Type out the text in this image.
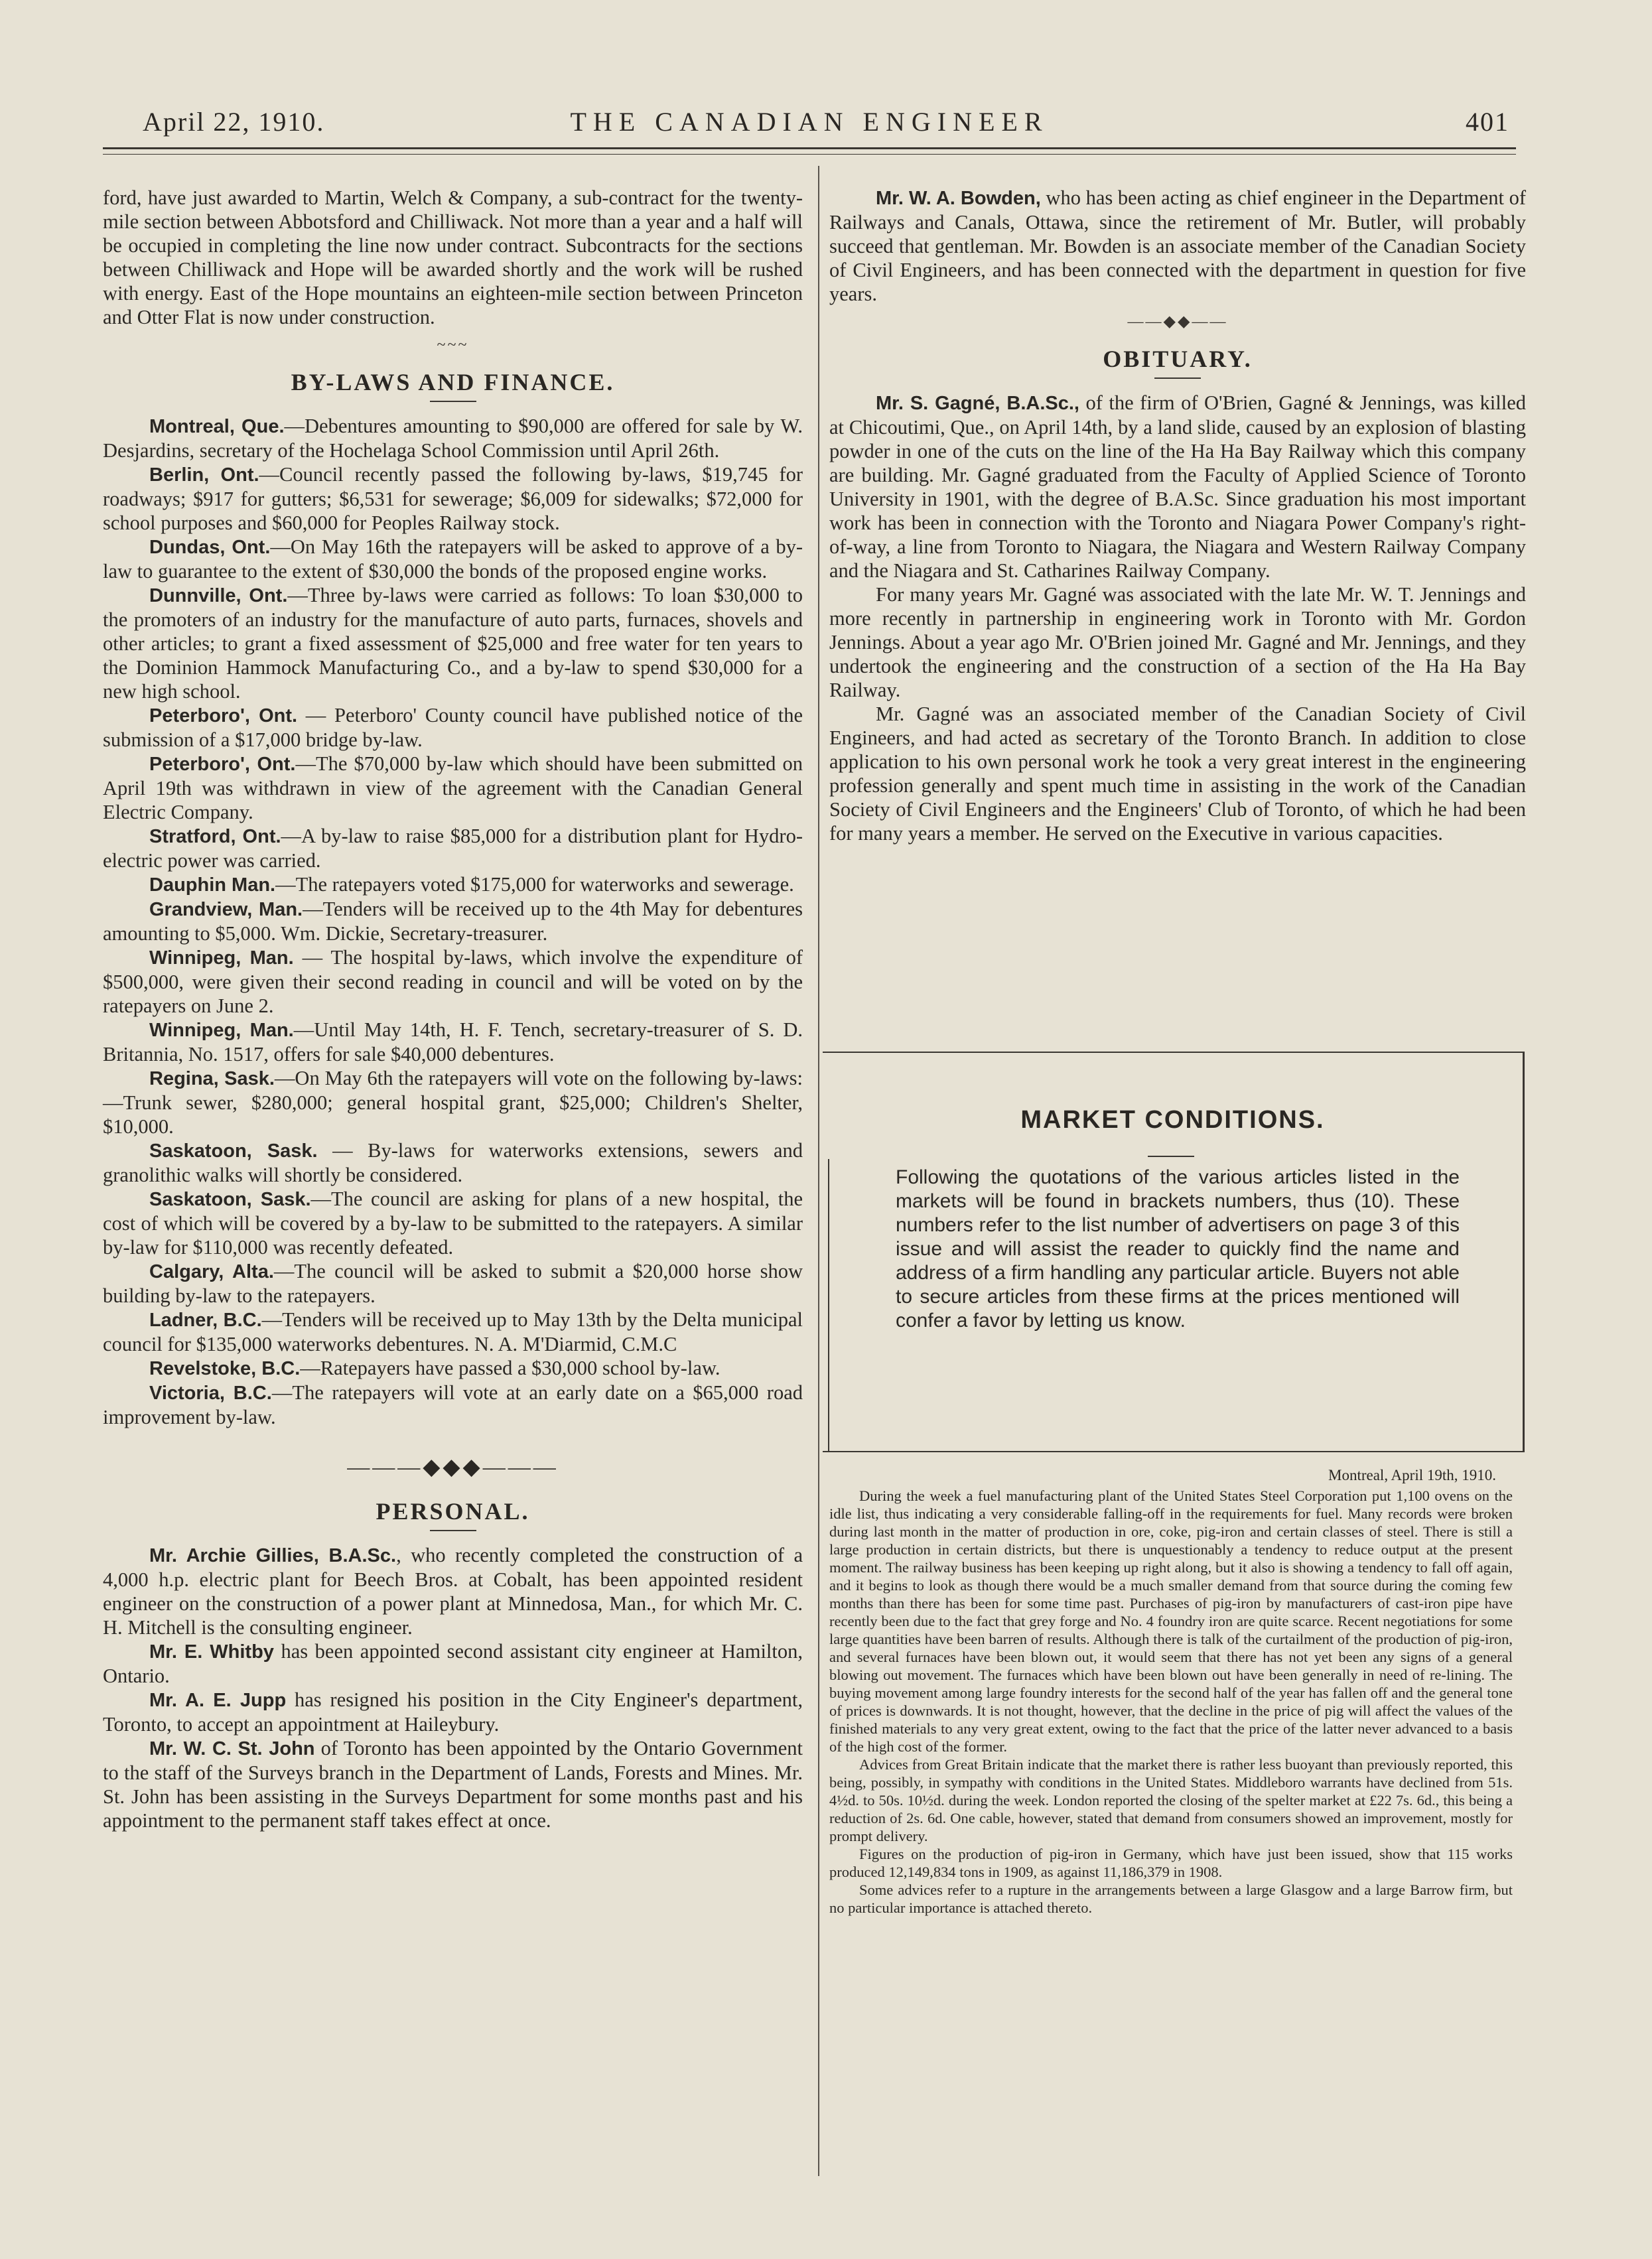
April 22, 1910.	THE CANADIAN ENGINEER	401

ford, have just awarded to Martin, Welch & Company, a sub-contract for the twenty-mile section between Abbotsford and Chilliwack. Not more than a year and a half will be occupied in completing the line now under contract. Subcontracts for the sections between Chilliwack and Hope will be awarded shortly and the work will be rushed with energy. East of the Hope mountains an eighteen-mile section between Princeton and Otter Flat is now under construction.

~~~
BY-LAWS AND FINANCE.

Montreal, Que.—Debentures amounting to $90,000 are offered for sale by W. Desjardins, secretary of the Hochelaga School Commission until April 26th.

Berlin, Ont.—Council recently passed the following by-laws, $19,745 for roadways; $917 for gutters; $6,531 for sewerage; $6,009 for sidewalks; $72,000 for school purposes and $60,000 for Peoples Railway stock.

Dundas, Ont.—On May 16th the ratepayers will be asked to approve of a by-law to guarantee to the extent of $30,000 the bonds of the proposed engine works.

Dunnville, Ont.—Three by-laws were carried as follows: To loan $30,000 to the promoters of an industry for the manufacture of auto parts, furnaces, shovels and other articles; to grant a fixed assessment of $25,000 and free water for ten years to the Dominion Hammock Manufacturing Co., and a by-law to spend $30,000 for a new high school.

Peterboro', Ont. — Peterboro' County council have published notice of the submission of a $17,000 bridge by-law.

Peterboro', Ont.—The $70,000 by-law which should have been submitted on April 19th was withdrawn in view of the agreement with the Canadian General Electric Company.

Stratford, Ont.—A by-law to raise $85,000 for a distribution plant for Hydro-electric power was carried.

Dauphin Man.—The ratepayers voted $175,000 for waterworks and sewerage.

Grandview, Man.—Tenders will be received up to the 4th May for debentures amounting to $5,000. Wm. Dickie, Secretary-treasurer.

Winnipeg, Man. — The hospital by-laws, which involve the expenditure of $500,000, were given their second reading in council and will be voted on by the ratepayers on June 2.

Winnipeg, Man.—Until May 14th, H. F. Tench, secretary-treasurer of S. D. Britannia, No. 1517, offers for sale $40,000 debentures.

Regina, Sask.—On May 6th the ratepayers will vote on the following by-laws:—Trunk sewer, $280,000; general hospital grant, $25,000; Children's Shelter, $10,000.

Saskatoon, Sask. — By-laws for waterworks extensions, sewers and granolithic walks will shortly be considered.

Saskatoon, Sask.—The council are asking for plans of a new hospital, the cost of which will be covered by a by-law to be submitted to the ratepayers. A similar by-law for $110,000 was recently defeated.

Calgary, Alta.—The council will be asked to submit a $20,000 horse show building by-law to the ratepayers.

Ladner, B.C.—Tenders will be received up to May 13th by the Delta municipal council for $135,000 waterworks debentures. N. A. M'Diarmid, C.M.C

Revelstoke, B.C.—Ratepayers have passed a $30,000 school by-law.

Victoria, B.C.—The ratepayers will vote at an early date on a $65,000 road improvement by-law.

———◆◆◆———
PERSONAL.

Mr. Archie Gillies, B.A.Sc., who recently completed the construction of a 4,000 h.p. electric plant for Beech Bros. at Cobalt, has been appointed resident engineer on the construction of a power plant at Minnedosa, Man., for which Mr. C. H. Mitchell is the consulting engineer.

Mr. E. Whitby has been appointed second assistant city engineer at Hamilton, Ontario.

Mr. A. E. Jupp has resigned his position in the City Engineer's department, Toronto, to accept an appointment at Haileybury.

Mr. W. C. St. John of Toronto has been appointed by the Ontario Government to the staff of the Surveys branch in the Department of Lands, Forests and Mines. Mr. St. John has been assisting in the Surveys Department for some months past and his appointment to the permanent staff takes effect at once.

Mr. W. A. Bowden, who has been acting as chief engineer in the Department of Railways and Canals, Ottawa, since the retirement of Mr. Butler, will probably succeed that gentleman. Mr. Bowden is an associate member of the Canadian Society of Civil Engineers, and has been connected with the department in question for five years.

——◆◆——
OBITUARY.

Mr. S. Gagné, B.A.Sc., of the firm of O'Brien, Gagné & Jennings, was killed at Chicoutimi, Que., on April 14th, by a land slide, caused by an explosion of blasting powder in one of the cuts on the line of the Ha Ha Bay Railway which this company are building. Mr. Gagné graduated from the Faculty of Applied Science of Toronto University in 1901, with the degree of B.A.Sc. Since graduation his most important work has been in connection with the Toronto and Niagara Power Company's right-of-way, a line from Toronto to Niagara, the Niagara and Western Railway Company and the Niagara and St. Catharines Railway Company.

For many years Mr. Gagné was associated with the late Mr. W. T. Jennings and more recently in partnership in engineering work in Toronto with Mr. Gordon Jennings. About a year ago Mr. O'Brien joined Mr. Gagné and Mr. Jennings, and they undertook the engineering and the construction of a section of the Ha Ha Bay Railway.

Mr. Gagné was an associated member of the Canadian Society of Civil Engineers, and had acted as secretary of the Toronto Branch. In addition to close application to his own personal work he took a very great interest in the engineering profession generally and spent much time in assisting in the work of the Canadian Society of Civil Engineers and the Engineers' Club of Toronto, of which he had been for many years a member. He served on the Executive in various capacities.

MARKET CONDITIONS.
Following the quotations of the various articles listed in the markets will be found in brackets numbers, thus (10). These numbers refer to the list number of advertisers on page 3 of this issue and will assist the reader to quickly find the name and address of a firm handling any particular article. Buyers not able to secure articles from these firms at the prices mentioned will confer a favor by letting us know.

Montreal, April 19th, 1910.

During the week a fuel manufacturing plant of the United States Steel Corporation put 1,100 ovens on the idle list, thus indicating a very considerable falling-off in the requirements for fuel. Many records were broken during last month in the matter of production in ore, coke, pig-iron and certain classes of steel. There is still a large production in certain districts, but there is unquestionably a tendency to reduce output at the present moment. The railway business has been keeping up right along, but it also is showing a tendency to fall off again, and it begins to look as though there would be a much smaller demand from that source during the coming few months than there has been for some time past. Purchases of pig-iron by manufacturers of cast-iron pipe have recently been due to the fact that grey forge and No. 4 foundry iron are quite scarce. Recent negotiations for some large quantities have been barren of results. Although there is talk of the curtailment of the production of pig-iron, and several furnaces have been blown out, it would seem that there has not yet been any signs of a general blowing out movement. The furnaces which have been blown out have been generally in need of re-lining. The buying movement among large foundry interests for the second half of the year has fallen off and the general tone of prices is downwards. It is not thought, however, that the decline in the price of pig will affect the values of the finished materials to any very great extent, owing to the fact that the price of the latter never advanced to a basis of the high cost of the former.

Advices from Great Britain indicate that the market there is rather less buoyant than previously reported, this being, possibly, in sympathy with conditions in the United States. Middleboro warrants have declined from 51s. 4½d. to 50s. 10½d. during the week. London reported the closing of the spelter market at £22 7s. 6d., this being a reduction of 2s. 6d. One cable, however, stated that demand from consumers showed an improvement, mostly for prompt delivery.

Figures on the production of pig-iron in Germany, which have just been issued, show that 115 works produced 12,149,834 tons in 1909, as against 11,186,379 in 1908.

Some advices refer to a rupture in the arrangements between a large Glasgow and a large Barrow firm, but no particular importance is attached thereto.
